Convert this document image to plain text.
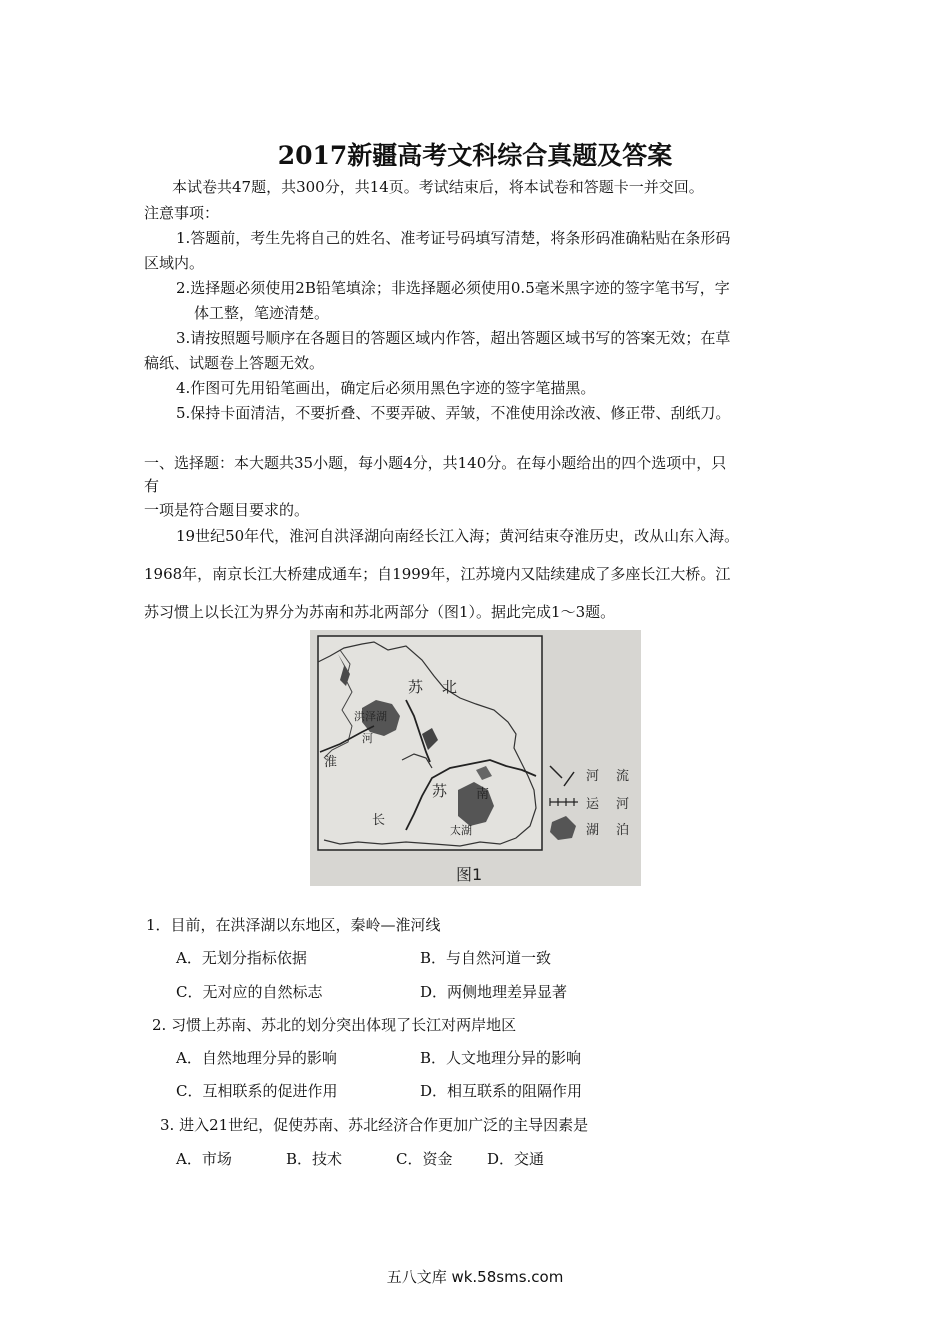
2017新疆高考文科综合真题及答案
本试卷共47题，共300分，共14页。考试结束后，将本试卷和答题卡一并交回。
注意事项：
1.答题前，考生先将自己的姓名、准考证号码填写清楚，将条形码准确粘贴在条形码
区域内。
2.选择题必须使用2B铅笔填涂；非选择题必须使用0.5毫米黑字迹的签字笔书写，字
体工整，笔迹清楚。
3.请按照题号顺序在各题目的答题区域内作答，超出答题区域书写的答案无效；在草
稿纸、试题卷上答题无效。
4.作图可先用铅笔画出，确定后必须用黑色字迹的签字笔描黑。
5.保持卡面清洁，不要折叠、不要弄破、弄皱，不准使用涂改液、修正带、刮纸刀。
一、选择题：本大题共35小题，每小题4分，共140分。在每小题给出的四个选项中，只
有
一项是符合题目要求的。
19世纪50年代，淮河自洪泽湖向南经长江入海；黄河结束夺淮历史，改从山东入海。
1968年，南京长江大桥建成通车；自1999年，江苏境内又陆续建成了多座长江大桥。江
苏习惯上以长江为界分为苏南和苏北两部分（图1）。据此完成1～3题。
苏 北
洪泽湖
河
淮
苏 南
长
太湖
河 流
运 河
湖 泊
图1
1．目前，在洪泽湖以东地区，秦岭—淮河线
A．无划分指标依据	B．与自然河道一致
C．无对应的自然标志	D．两侧地理差异显著
2. 习惯上苏南、苏北的划分突出体现了长江对两岸地区
A．自然地理分异的影响	B．人文地理分异的影响
C．互相联系的促进作用	D．相互联系的阻隔作用
3. 进入21世纪，促使苏南、苏北经济合作更加广泛的主导因素是
A．市场	B．技术	C．资金 D．交通
五八文库 wk.58sms.com
